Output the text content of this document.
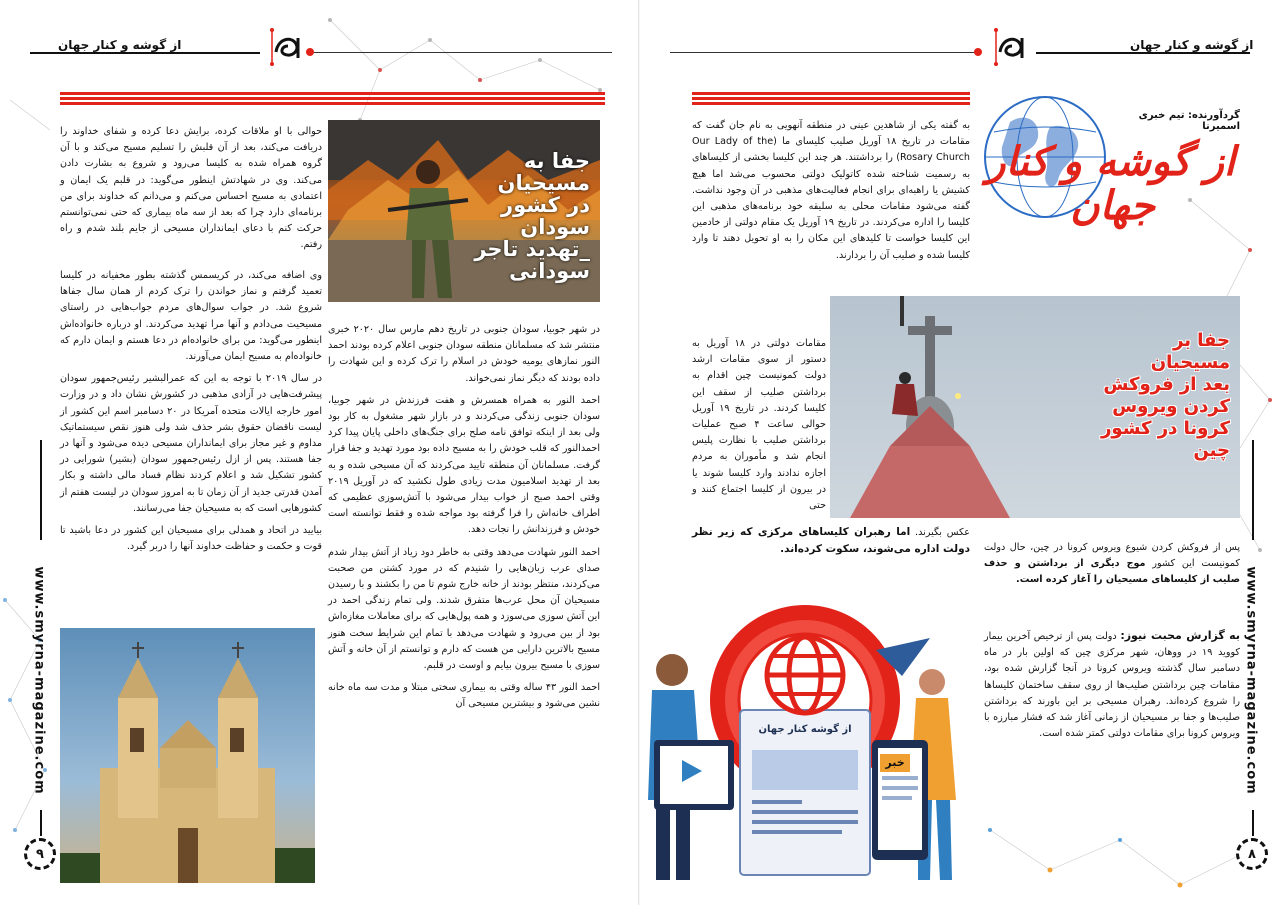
از گوشه و کنار جهان
جفا به
مسیحیان
در کشور
سودان
_تهدید تاجر
سودانی

حوالی با او ملاقات کرده، برایش دعا کرده و شفای خداوند را دریافت می‌کند، بعد از آن قلبش را تسلیم مسیح می‌کند و با آن گروه همراه شده به کلیسا می‌رود و شروع به بشارت دادن می‌کند. وی در شهادتش اینطور می‌گوید: در قلبم یک ایمان و اعتمادی به مسیح احساس می‌کنم و می‌دانم که خداوند برای من برنامه‌ای دارد چرا که بعد از سه ماه بیماری که حتی نمی‌توانستم حرکت کنم با دعای ایمانداران مسیحی از جایم بلند شدم و راه رفتم.

وی اضافه می‌کند، در کریسمس گذشته بطور مخفیانه در کلیسا تعمید گرفتم و نماز خواندن را ترک کردم از همان سال جفاها شروع شد. در جواب سوال‌های مردم جواب‌هایی در راستای مسیحیت می‌دادم و آنها مرا تهدید می‌کردند. او درباره خانواده‌اش اینطور می‌گوید: من برای خانواده‌ام در دعا هستم و ایمان دارم که خانواده‌ام به مسیح ایمان می‌آورند.

در سال ۲۰۱۹ با توجه به این که عمرالبشیر رئیس‌جمهور سودان پیشرفت‌هایی در آزادی مذهبی در کشورش نشان داد و در وزارت امور خارجه ایالات متحده آمریکا در ۲۰ دسامبر اسم این کشور از لیست ناقضان حقوق بشر حذف شد ولی هنوز نقص سیستماتیک مداوم و غیر مجاز برای ایمانداران مسیحی دیده می‌شود و آنها در جفا هستند. پس از ازل رئیس‌جمهور سودان (بشیر) شورایی در کشور تشکیل شد و اعلام کردند نظام فساد مالی داشته و بکار آمدن قدرتی جدید از آن زمان تا به امروز سودان در لیست هفتم از کشورهایی است که به مسیحیان جفا می‌رسانند.

بیایید در اتحاد و همدلی برای مسیحیان این کشور در دعا باشید تا قوت و حکمت و حفاظت خداوند آنها را دربر گیرد.

در شهر جوبیا، سودان جنوبی در تاریخ دهم مارس سال ۲۰۲۰ خبری منتشر شد که مسلمانان منطقه سودان جنوبی اعلام کرده بودند احمد النور نمازهای یومیه خودش در اسلام را ترک کرده و این شهادت را داده بودند که دیگر نماز نمی‌خواند.

احمد النور به همراه همسرش و هفت فرزندش در شهر جوبیا، سودان جنوبی زندگی می‌کردند و در بازار شهر مشغول به کار بود ولی بعد از اینکه توافق نامه صلح برای جنگ‌های داخلی پایان پیدا کرد احمدالنور که قلب خودش را به مسیح داده بود مورد تهدید و جفا قرار گرفت. مسلمانان آن منطقه تایید می‌کردند که آن مسیحی شده و به بعد از تهدید اسلامیون مدت زیادی طول نکشید که در آوریل ۲۰۱۹ وقتی احمد صبح از خواب بیدار می‌شود با آتش‌سوزی عظیمی که اطراف خانه‌اش را فرا گرفته بود مواجه شده و فقط توانسته است خودش و فرزندانش را نجات دهد.

احمد النور شهادت می‌دهد وقتی به خاطر دود زیاد از آتش بیدار شدم صدای عرب زبان‌هایی را شنیدم که در مورد کشتن من صحبت می‌کردند، منتظر بودند از خانه خارج شوم تا من را بکشند و با رسیدن مسیحیان آن محل عرب‌ها متفرق شدند. ولی تمام زندگی احمد در این آتش سوزی می‌سوزد و همه پول‌هایی که برای معاملات مغازه‌اش بود از بین می‌رود و شهادت می‌دهد با تمام این شرایط سخت هنوز مسیح بالاترین دارایی من هست که دارم و توانستم از آن خانه و آتش سوزی با مسیح بیرون بیایم و اوست در قلبم.

احمد النور ۴۳ ساله وقتی به بیماری سختی مبتلا و مدت سه ماه خانه نشین می‌شود و بیشترین مسیحی آن

www.smyrna-magazine.com
۹
از گوشه و کنار جهان
از گوشه و کنار
جهان
گردآورنده: تیم خبری اسمیرنا

به گفته یکی از شاهدین عینی در منطقه آنهویی به نام جان گفت که مقامات در تاریخ ۱۸ آوریل صلیب کلیسای ما (Our Lady of the Rosary Church) را برداشتند. هر چند این کلیسا بخشی از کلیساهای به رسمیت شناخته شده کاتولیک دولتی محسوب می‌شد اما هیچ کشیش یا راهبه‌ای برای انجام فعالیت‌های مذهبی در آن وجود نداشت. گفته می‌شود مقامات محلی به سلیقه خود برنامه‌های مذهبی این کلیسا را اداره می‌کردند. در تاریخ ۱۹ آوریل یک مقام دولتی از خادمین این کلیسا خواست تا کلیدهای این مکان را به او تحویل دهند تا وارد کلیسا شده و صلیب آن را بردارند.

جفا بر
مسیحیان
بعد از فروکش
کردن ویروس
کرونا در کشور
چین

مقامات دولتی در ۱۸ آوریل به دستور از سوی مقامات ارشد دولت کمونیست چین اقدام به برداشتن صلیب از سقف این کلیسا کردند. در تاریخ ۱۹ آوریل حوالی ساعت ۴ صبح عملیات برداشتن صلیب با نظارت پلیس انجام شد و مأموران به مردم اجازه ندادند وارد کلیسا شوند یا در بیرون از کلیسا اجتماع کنند و حتی

عکس بگیرند. اما رهبران کلیساهای مرکزی که زیر نظر دولت اداره می‌شوند، سکوت کرده‌اند. پس از فروکش کردن شیوع ویروس کرونا در چین، حال دولت کمونیست این کشور موج دیگری از برداشتن و حذف صلیب از کلیساهای مسیحیان را آغاز کرده است.
به گزارش محبت نیوز: دولت پس از ترخیص آخرین بیمار کووید ۱۹ در ووهان، شهر مرکزی چین که اولین بار در ماه دسامبر سال گذشته ویروس کرونا در آنجا گزارش شده بود، مقامات چین برداشتن صلیب‌ها از روی سقف ساختمان کلیساها را شروع کرده‌اند. رهبران مسیحی بر این باورند که برداشتن صلیب‌ها و جفا بر مسیحیان از زمانی آغاز شد که فشار مبارزه با ویروس کرونا برای مقامات دولتی کمتر شده است.
از گوشه کنار جهان
خبر	www.smyrna-magazine.com
۸
